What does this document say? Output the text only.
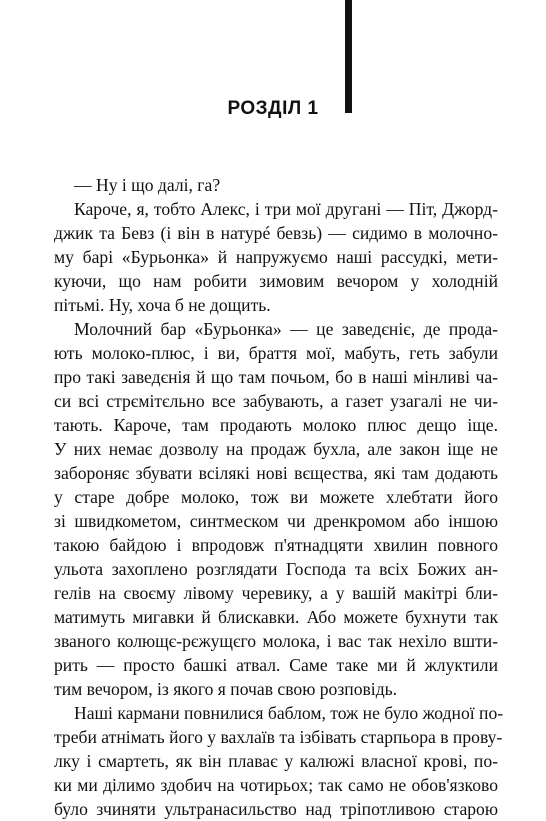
РОЗДІЛ 1
— Ну і що далі, га?
Кароче, я, тобто Алекс, і три мої друганi — Піт, Джорд-
джик та Бевз (і він в натурé бевзь) — сидимо в молочно-
му барі «Бурьонка» й напружуємо наші рассудкі, мети-
куючи, що нам робити зимовим вечором у холодній
пітьмі. Ну, хоча б не дощить.
Молочний бар «Бурьонка» — це заведєніє, де прода-
ють молоко-плюс, і ви, браття мої, мабуть, геть забули
про такі заведєнія й що там почьом, бо в наші мінливі ча-
си всі стрємітєльно все забувають, а газет узагалі не чи-
тають. Кароче, там продають молоко плюс дещо іще.
У них немає дозволу на продаж бухла, але закон іще не
забороняє збувати всілякі нові вєщества, які там додають
у старе добре молоко, тож ви можете хлебтати його
зі швидкометом, синтмеском чи дренкромом або іншою
такою байдою і впродовж п'ятнадцяти хвилин повного
ульота захоплено розглядати Господа та всіх Божих ан-
гелів на своєму лівому черевику, а у вашій макітрі бли-
матимуть мигавки й блискавки. Або можете бухнути так
званого колющє-рєжущєго молока, і вас так нехіло вшти-
рить — просто башкі атвал. Саме таке ми й жлуктили
тим вечором, із якого я почав свою розповідь.
Наші кармани повнилися баблом, тож не було жодної по-
треби атнімать його у вахлаїв та ізбівать старпьора в прову-
лку і смартеть, як він плаває у калюжі власної крові, по-
ки ми ділимо здобич на чотирьох; так само не обов'язково
було зчиняти ультранасильство над тріпотливою старою
